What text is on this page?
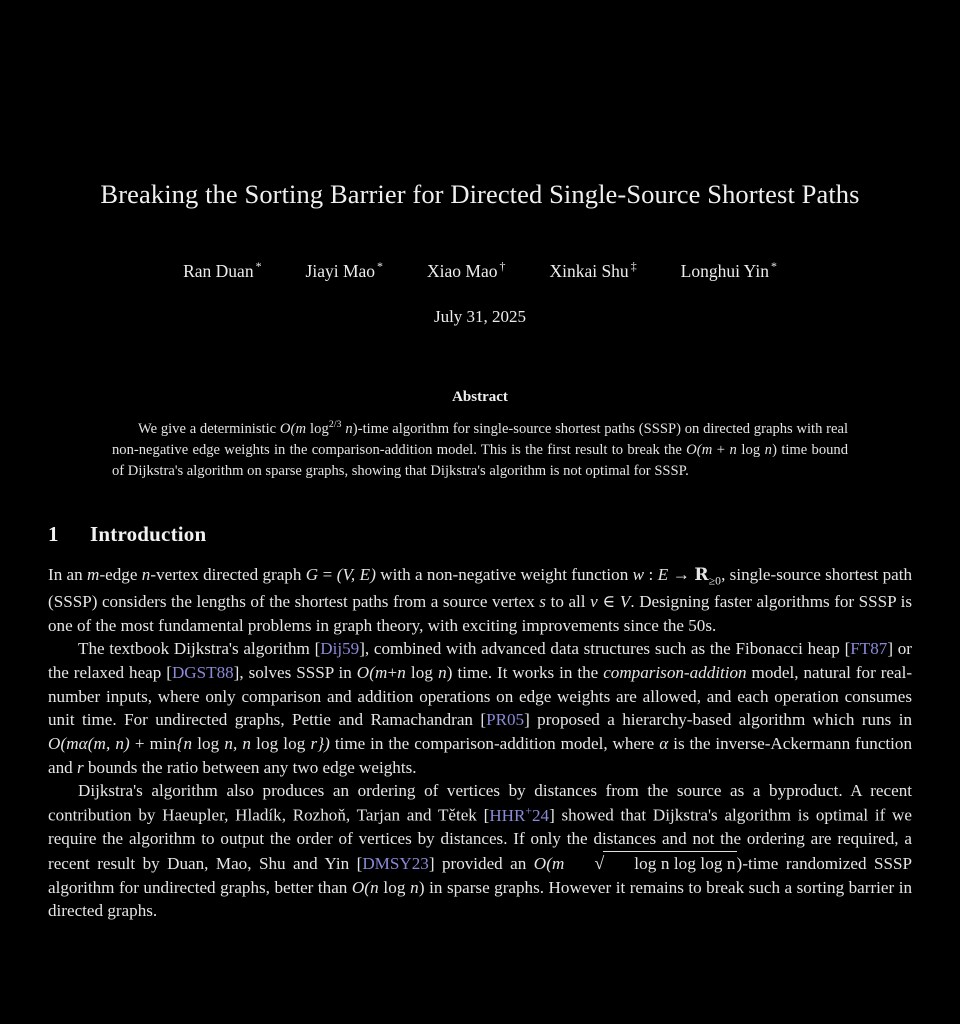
Breaking the Sorting Barrier for Directed Single-Source Shortest Paths
Ran Duan *	Jiayi Mao *	Xiao Mao †	Xinkai Shu ‡	Longhui Yin *
July 31, 2025
Abstract
We give a deterministic O(m $\log^{2/3}$ n)-time algorithm for single-source shortest paths (SSSP) on directed graphs with real non-negative edge weights in the comparison-addition model. This is the first result to break the O(m + n log n) time bound of Dijkstra's algorithm on sparse graphs, showing that Dijkstra's algorithm is not optimal for SSSP.
1 Introduction

In an m-edge n-vertex directed graph G = (V, E) with a non-negative weight function w : $E \to R_{\ge 0}$, single-source shortest path (SSSP) considers the lengths of the shortest paths from a source vertex s to all v ∈ V. Designing faster algorithms for SSSP is one of the most fundamental problems in graph theory, with exciting improvements since the 50s.

The textbook Dijkstra's algorithm [Dij59], combined with advanced data structures such as the Fibonacci heap [FT87] or the relaxed heap [DGST88], solves SSSP in O(m+n log n) time. It works in the comparison-addition model, natural for real-number inputs, where only comparison and addition operations on edge weights are allowed, and each operation consumes unit time. For undirected graphs, Pettie and Ramachandran [PR05] proposed a hierarchy-based algorithm which runs in O(mα(m, n) + min{n log n, n log log r}) time in the comparison-addition model, where α is the inverse-Ackermann function and r bounds the ratio between any two edge weights.

Dijkstra's algorithm also produces an ordering of vertices by distances from the source as a byproduct. A recent contribution by Haeupler, Hladík, Rozhoň, Tarjan and Tětek [HHR+24] showed that Dijkstra's algorithm is optimal if we require the algorithm to output the order of vertices by distances. If only the distances and not the ordering are required, a recent result by Duan, Mao, Shu and Yin [DMSY23] provided an O(m √ log n log log n)-time randomized SSSP algorithm for undirected graphs, better than O(n log n) in sparse graphs. However it remains to break such a sorting barrier in directed graphs.
